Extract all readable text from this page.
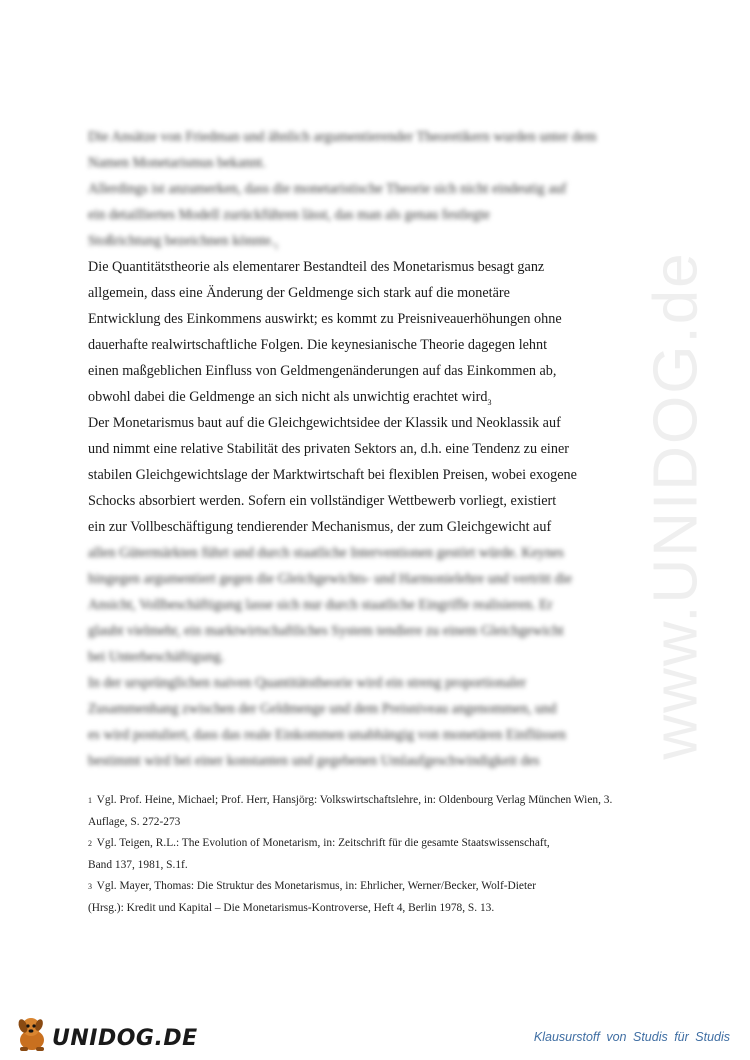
www.UNIDOG.de
Die Ansätze von Friedman und ähnlich argumentierender Theoretikern wurden unter dem
Namen Monetarismus bekannt.
Allerdings ist anzumerken, dass die monetaristische Theorie sich nicht eindeutig auf
ein detailliertes Modell zurückführen lässt, das man als genau festlegte
Stoßrichtung bezeichnen $könnte._1$
Die Quantitätstheorie als elementarer Bestandteil des Monetarismus besagt ganz
allgemein, dass eine Änderung der Geldmenge sich stark auf die monetäre
Entwicklung des Einkommens auswirkt; es kommt zu Preisniveauerhöhungen ohne
dauerhafte realwirtschaftliche Folgen. Die keynesianische Theorie dagegen lehnt
einen maßgeblichen Einfluss von Geldmengenänderungen auf das Einkommen ab,
obwohl dabei die Geldmenge an sich nicht als unwichtig erachtet wird$_3$
Der Monetarismus baut auf die Gleichgewichtsidee der Klassik und Neoklassik auf
und nimmt eine relative Stabilität des privaten Sektors an, d.h. eine Tendenz zu einer
stabilen Gleichgewichtslage der Marktwirtschaft bei flexiblen Preisen, wobei exogene
Schocks absorbiert werden. Sofern ein vollständiger Wettbewerb vorliegt, existiert
ein zur Vollbeschäftigung tendierender Mechanismus, der zum Gleichgewicht auf
allen Gütermärkten führt und durch staatliche Interventionen gestört würde. Keynes
hingegen argumentiert gegen die Gleichgewichts- und Harmonielehre und vertritt die
Ansicht, Vollbeschäftigung lasse sich nur durch staatliche Eingriffe realisieren. Er
glaubt vielmehr, ein marktwirtschaftliches System tendiere zu einem Gleichgewicht
bei Unterbeschäftigung.
In der ursprünglichen naiven Quantitätstheorie wird ein streng proportionaler
Zusammenhang zwischen der Geldmenge und dem Preisniveau angenommen, und
es wird postuliert, dass das reale Einkommen unabhängig von monetären Einflüssen
bestimmt wird bei einer konstanten und gegebenen Umlaufgeschwindigkeit des
1 Vgl. Prof. Heine, Michael; Prof. Herr, Hansjörg: Volkswirtschaftslehre, in: Oldenbourg Verlag München Wien, 3.
Auflage, S. 272-273
2 Vgl. Teigen, R.L.: The Evolution of Monetarism, in: Zeitschrift für die gesamte Staatswissenschaft,
Band 137, 1981, S.1f.
3 Vgl. Mayer, Thomas: Die Struktur des Monetarismus, in: Ehrlicher, Werner/Becker, Wolf-Dieter
(Hrsg.): Kredit und Kapital – Die Monetarismus-Kontroverse, Heft 4, Berlin 1978, S. 13.
UNIDOG.DE	Klausurstoff von Studis für Studis
